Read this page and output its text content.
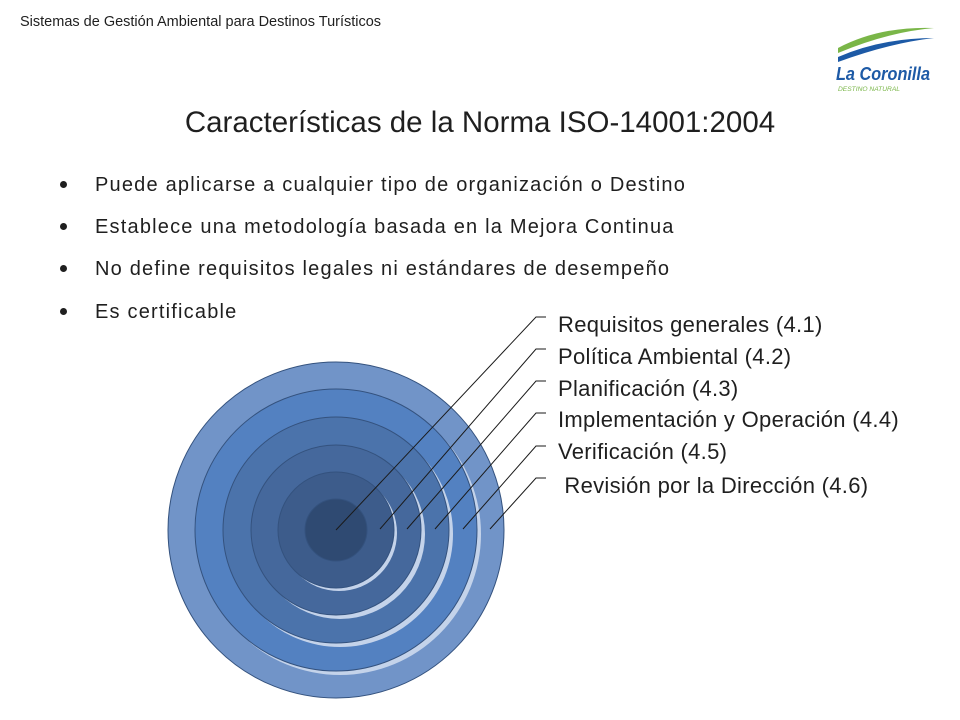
Sistemas de Gestión Ambiental para Destinos Turísticos
La Coronilla
DESTINO NATURAL
Características de la Norma ISO-14001:2004
Puede aplicarse a cualquier tipo de organización o Destino
Establece una metodología basada en la Mejora Continua
No define requisitos legales ni estándares de desempeño
Es certificable	Requisitos generales (4.1)
Política Ambiental (4.2)
Planificación (4.3)
Implementación y Operación (4.4)
Verificación (4.5)
Revisión por la Dirección (4.6)
